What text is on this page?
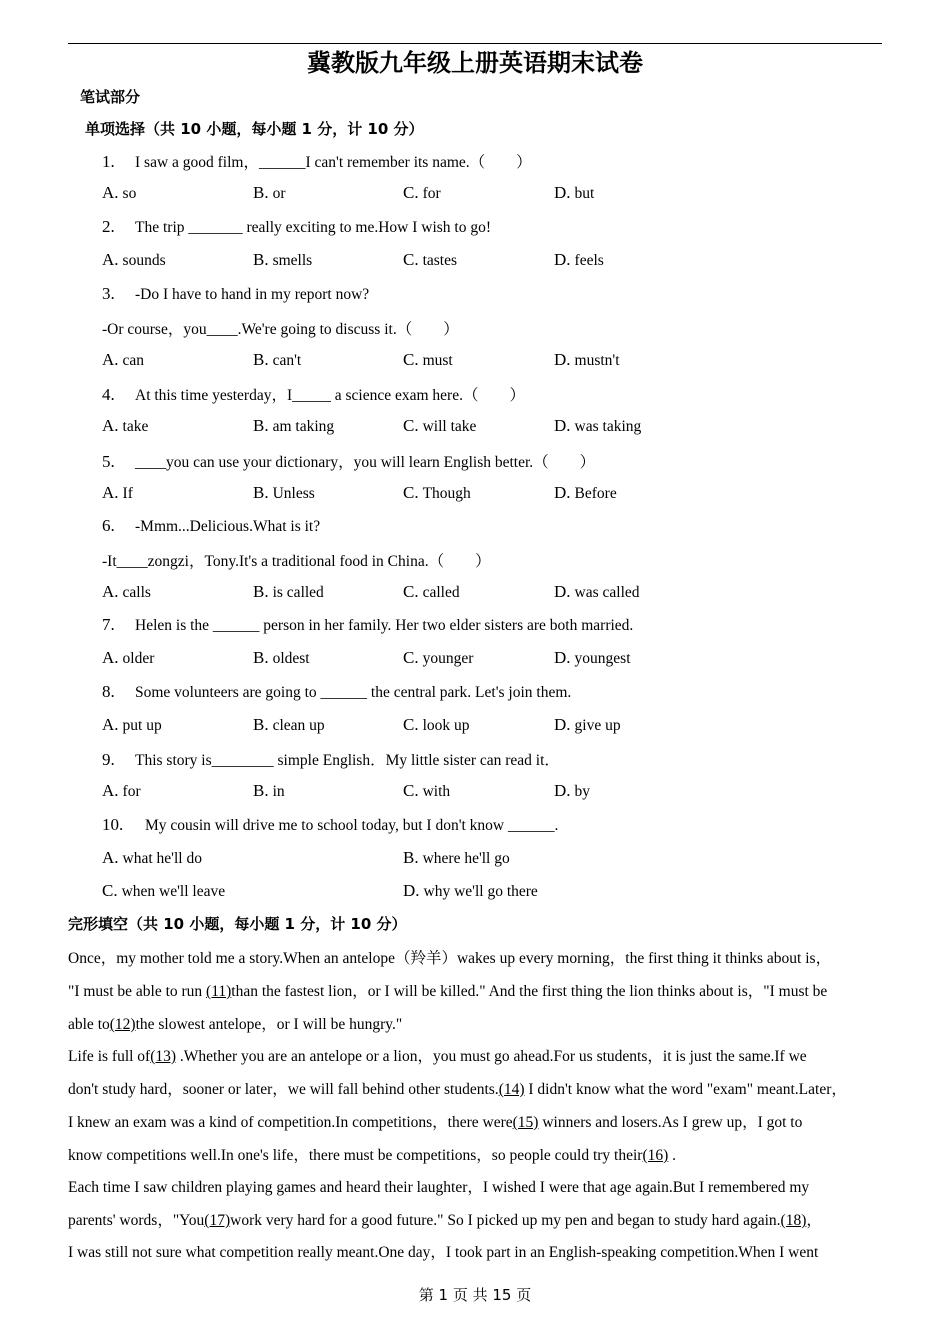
冀教版九年级上册英语期末试卷
笔试部分
单项选择（共 10 小题，每小题 1 分，计 10 分）
1. I saw a good film，______I can't remember its name.（　　）
A. so	B. or	C. for	D. but
2. The trip _______ really exciting to me.How I wish to go!
A. sounds	B. smells	C. tastes	D. feels
3. -Do I have to hand in my report now?
-Or course，you____.We're going to discuss it.（　　）
A. can	B. can't	C. must	D. mustn't
4. At this time yesterday，I_____ a science exam here.（　　）
A. take	B. am taking	C. will take	D. was taking
5. ____you can use your dictionary，you will learn English better.（　　）
A. If	B. Unless	C. Though	D. Before
6. -Mmm...Delicious.What is it?
-It____zongzi，Tony.It's a traditional food in China.（　　）
A. calls	B. is called	C. called	D. was called
7. Helen is the ______ person in her family. Her two elder sisters are both married.
A. older	B. oldest	C. younger	D. youngest
8. Some volunteers are going to ______ the central park. Let's join them.
A. put up	B. clean up	C. look up	D. give up
9. This story is________ simple English．My little sister can read it．
A. for	B. in	C. with	D. by
10. My cousin will drive me to school today, but I don't know ______.
A. what he'll do	B. where he'll go
C. when we'll leave	D. why we'll go there
完形填空（共 10 小题，每小题 1 分，计 10 分）
Once，my mother told me a story.When an antelope（羚羊）wakes up every morning，the first thing it thinks about is，
"I must be able to run (11)than the fastest lion，or I will be killed." And the first thing the lion thinks about is，"I must be
able to(12)the slowest antelope，or I will be hungry."
Life is full of(13) .Whether you are an antelope or a lion，you must go ahead.For us students，it is just the same.If we
don't study hard，sooner or later，we will fall behind other students.(14) I didn't know what the word "exam" meant.Later，
I knew an exam was a kind of competition.In competitions，there were(15) winners and losers.As I grew up，I got to
know competitions well.In one's life，there must be competitions，so people could try their(16) .
Each time I saw children playing games and heard their laughter，I wished I were that age again.But I remembered my
parents' words，"You(17)work very hard for a good future." So I picked up my pen and began to study hard again.(18)，
I was still not sure what competition really meant.One day，I took part in an English-speaking competition.When I went
第 1 页 共 15 页
